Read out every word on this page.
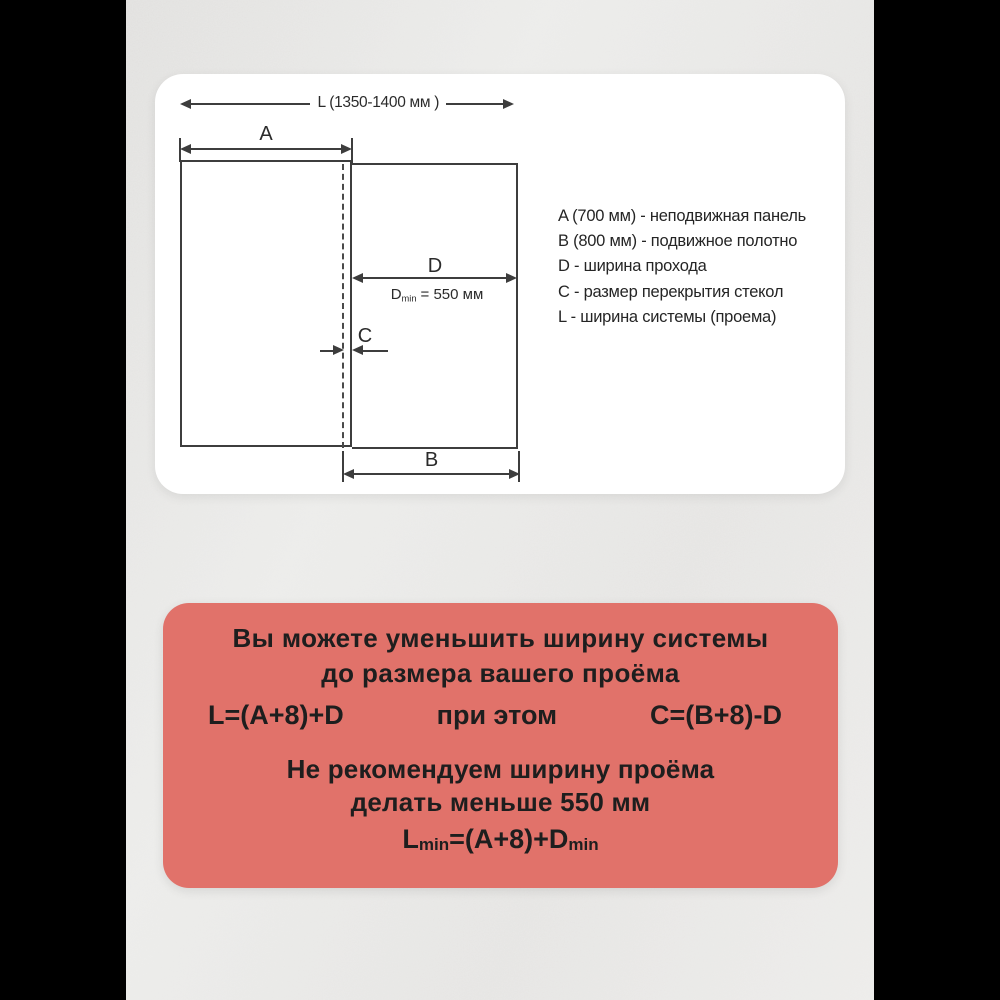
L (1350-1400 мм )
A
D
$D_{min} = 550$ мм
C
B
A (700 мм) - неподвижная панель
B (800 мм) - подвижное полотно
D - ширина прохода
C - размер перекрытия стекол
L - ширина системы (проема)
Вы можете уменьшить ширину системы
до размера вашего проёма
L=(A+8)+D	при этом	C=(B+8)-D
Не рекомендуем ширину проёма
делать меньше 550 мм
$L_{min}=(A+8)+D_{min}$
